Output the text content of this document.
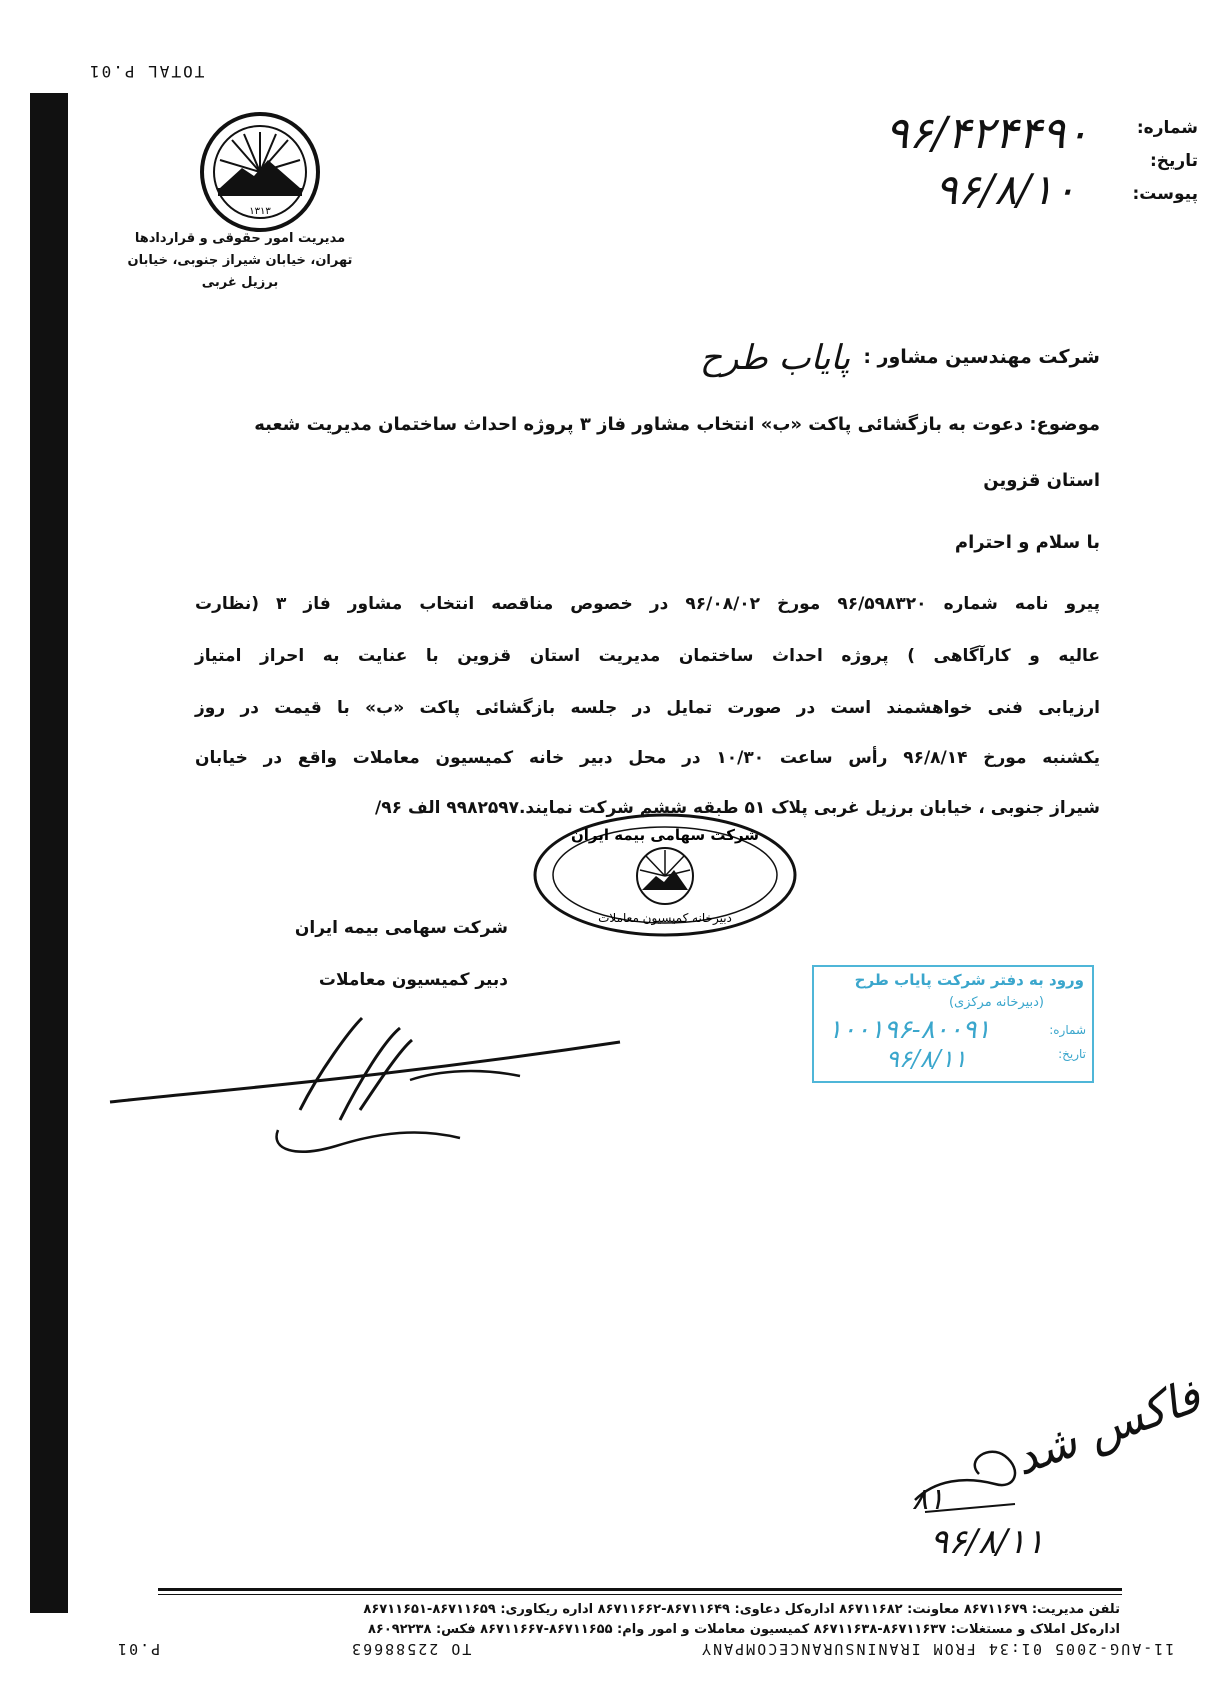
TOTAL P.01
۱۳۱۳
مدیریت امور حقوقی و قراردادها
تهران، خیابان شیراز جنوبی، خیابان برزیل غربی
شماره:
تاریخ:
پیوست:
۹۶/۴۲۴۴۹۰
۹۶/۸/۱۰
شرکت مهندسین مشاور :
پایاب طرح
موضوع: دعوت به بازگشائی پاکت «ب» انتخاب مشاور فاز ۳ پروژه احداث ساختمان مدیریت شعبه
استان قزوین
با سلام و احترام
پیرو نامه شماره ۹۶/۵۹۸۳۲۰ مورخ ۹۶/۰۸/۰۲ در خصوص مناقصه انتخاب مشاور فاز ۳ (نظارت
عالیه و کارآگاهی ) پروژه احداث ساختمان مدیریت استان قزوین با عنایت به احراز امتیاز
ارزیابی فنی خواهشمند است در صورت تمایل در جلسه بازگشائی پاکت «ب» با قیمت در روز
یکشنبه مورخ ۹۶/۸/۱۴ رأس ساعت ۱۰/۳۰ در محل دبیر خانه کمیسیون معاملات واقع در خیابان
شیراز جنوبی ، خیابان برزیل غربی پلاک ۵۱ طبقه ششم شرکت نمایند.۹۹۸۲۵۹۷ الف ۹۶/
شرکت سهامی بیمه ایران
دبیرخانه کمیسیون معاملات
شرکت سهامی بیمه ایران
دبیر کمیسیون معاملات	ورود به دفتر شرکت پایاب طرح
(دبیرخانه مرکزی)
شماره:
تاریخ:
۱۰۰۱۹۶-۸۰۰۹۱
۹۶/۸/۱۱
فاکس شد
۸۱
۹۶/۸/۱۱
تلفن مدیریت: ۸۶۷۱۱۶۷۹ معاونت: ۸۶۷۱۱۶۸۲ اداره‌کل دعاوی: ۸۶۷۱۱۶۴۹-۸۶۷۱۱۶۶۲ اداره ریکاوری: ۸۶۷۱۱۶۵۹-۸۶۷۱۱۶۵۱
اداره‌کل املاک و مستغلات: ۸۶۷۱۱۶۳۷-۸۶۷۱۱۶۳۸ کمیسیون معاملات و امور وام: ۸۶۷۱۱۶۵۵-۸۶۷۱۱۶۶۷ فکس: ۸۶۰۹۲۲۳۸
11-AUG-2005 01:34 FROM IRANINSURANCECOMPANY
TO 22588663
P.01
